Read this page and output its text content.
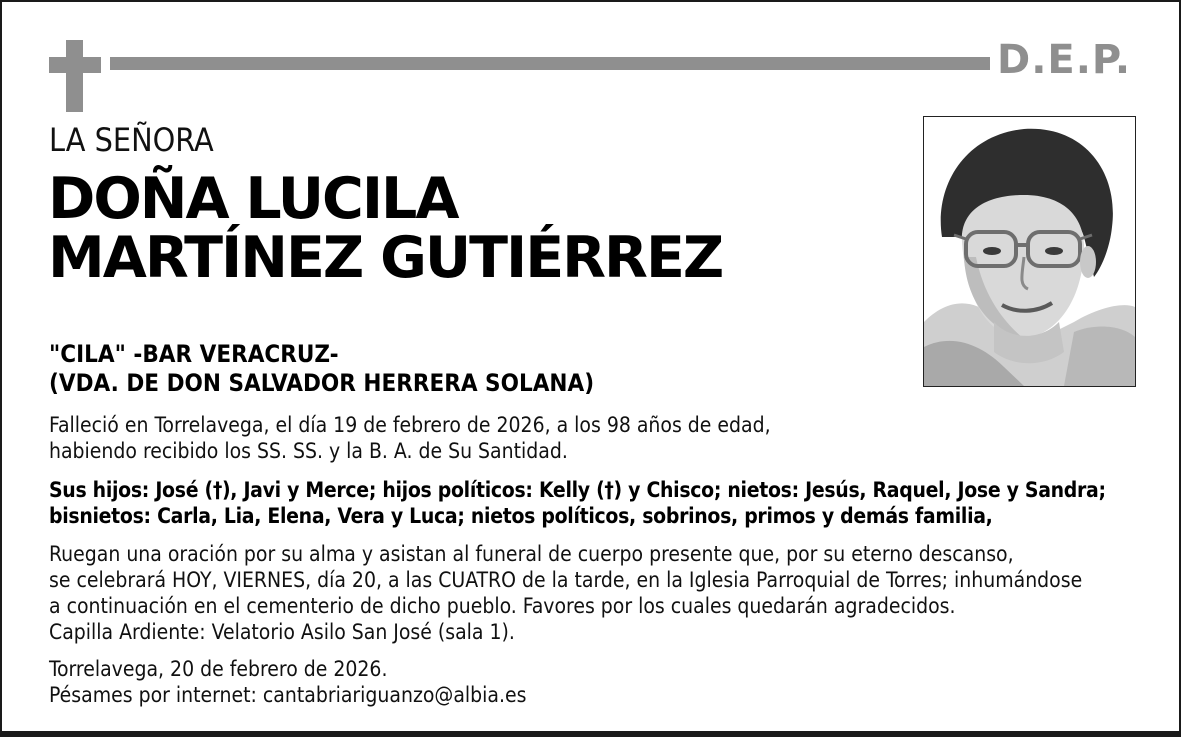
D.E.P.
LA SEÑORA
DOÑA LUCILA
MARTÍNEZ GUTIÉRREZ
"CILA" -BAR VERACRUZ-
(VDA. DE DON SALVADOR HERRERA SOLANA)
Falleció en Torrelavega, el día 19 de febrero de 2026, a los 98 años de edad,
habiendo recibido los SS. SS. y la B. A. de Su Santidad.
Sus hijos: José (†), Javi y Merce; hijos políticos: Kelly (†) y Chisco; nietos: Jesús, Raquel, Jose y Sandra;
bisnietos: Carla, Lia, Elena, Vera y Luca; nietos políticos, sobrinos, primos y demás familia,
Ruegan una oración por su alma y asistan al funeral de cuerpo presente que, por su eterno descanso,
se celebrará HOY, VIERNES, día 20, a las CUATRO de la tarde, en la Iglesia Parroquial de Torres; inhumándose
a continuación en el cementerio de dicho pueblo. Favores por los cuales quedarán agradecidos.
Capilla Ardiente: Velatorio Asilo San José (sala 1).
Torrelavega, 20 de febrero de 2026.
Pésames por internet: cantabriariguanzo@albia.es
